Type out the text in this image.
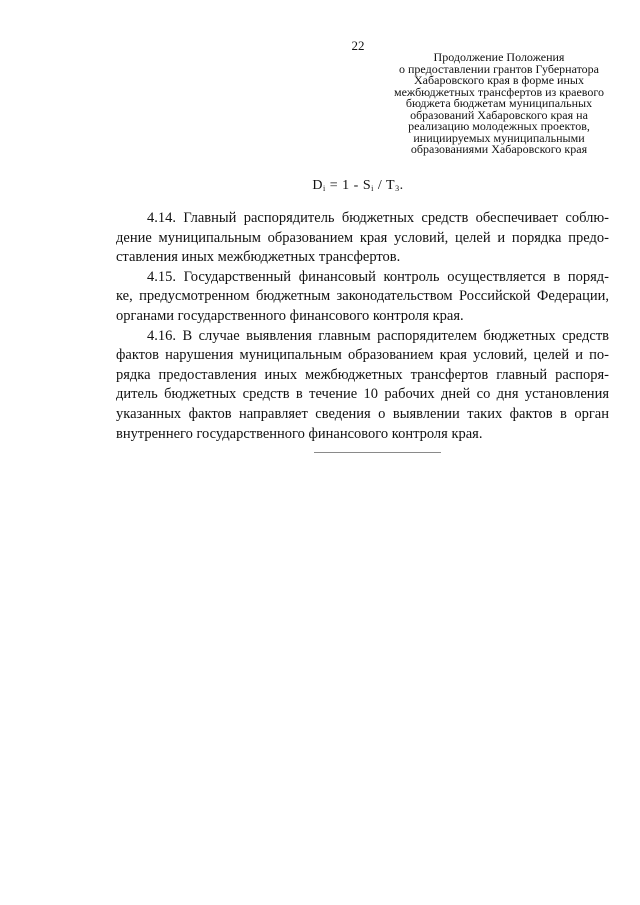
22
Продолжение Положения
о предоставлении грантов Губернатора
Хабаровского края в форме иных
межбюджетных трансфертов из краевого
бюджета бюджетам муниципальных
образований Хабаровского края на
реализацию молодежных проектов,
инициируемых муниципальными
образованиями Хабаровского края
$D_i = 1 - S_i / T_3$.
4.14. Главный распорядитель бюджетных средств обеспечивает соблю-
дение муниципальным образованием края условий, целей и порядка предо-
ставления иных межбюджетных трансфертов.
4.15. Государственный финансовый контроль осуществляется в поряд-
ке, предусмотренном бюджетным законодательством Российской Федерации,
органами государственного финансового контроля края.
4.16. В случае выявления главным распорядителем бюджетных средств
фактов нарушения муниципальным образованием края условий, целей и по-
рядка предоставления иных межбюджетных трансфертов главный распоря-
дитель бюджетных средств в течение 10 рабочих дней со дня установления
указанных фактов направляет сведения о выявлении таких фактов в орган
внутреннего государственного финансового контроля края.
